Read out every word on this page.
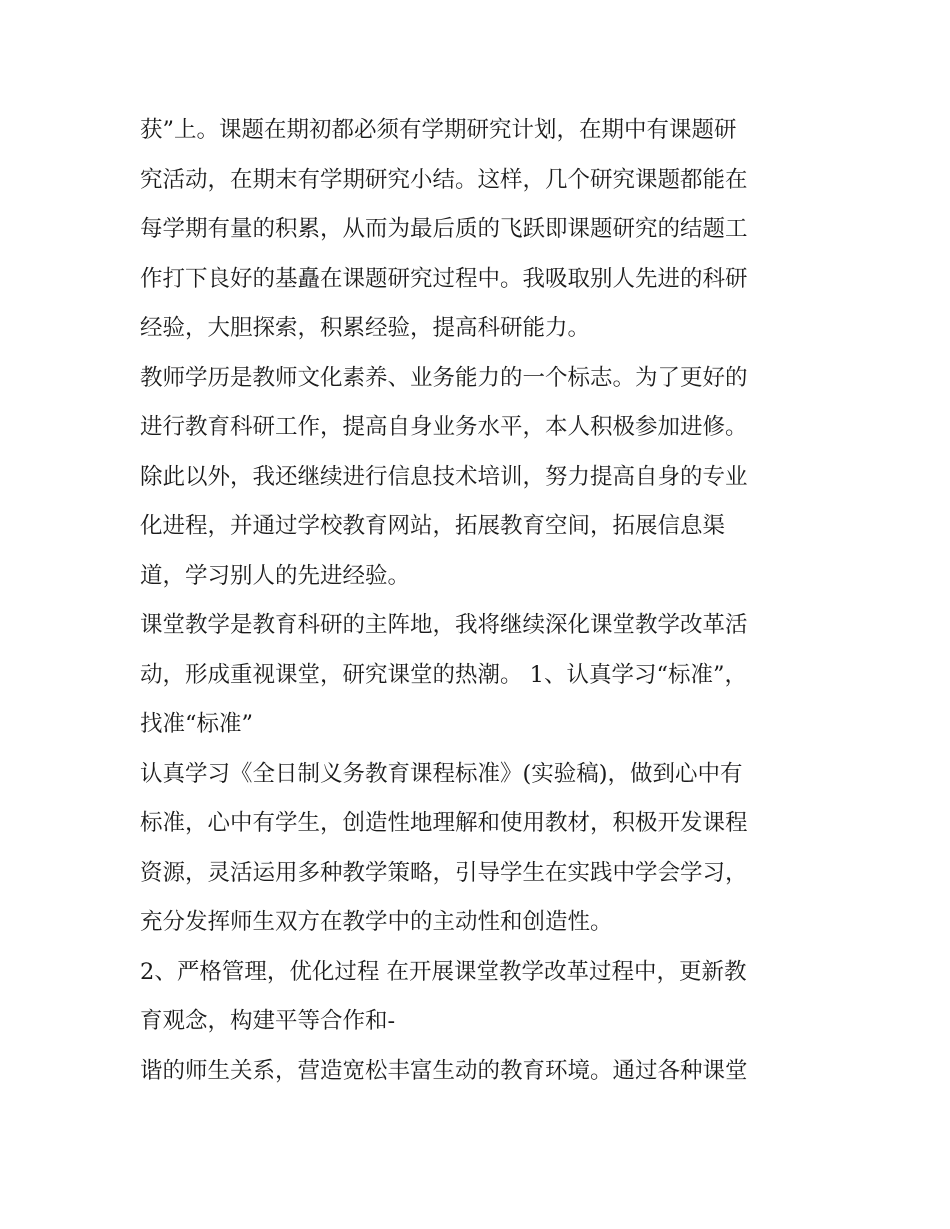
获”上。课题在期初都必须有学期研究计划，在期中有课题研
究活动，在期末有学期研究小结。这样，几个研究课题都能在
每学期有量的积累，从而为最后质的飞跃即课题研究的结题工
作打下良好的基矗在课题研究过程中。我吸取别人先进的科研
经验，大胆探索，积累经验，提高科研能力。
教师学历是教师文化素养、业务能力的一个标志。为了更好的
进行教育科研工作，提高自身业务水平，本人积极参加进修。
除此以外，我还继续进行信息技术培训，努力提高自身的专业
化进程，并通过学校教育网站，拓展教育空间，拓展信息渠
道，学习别人的先进经验。
课堂教学是教育科研的主阵地，我将继续深化课堂教学改革活
动，形成重视课堂，研究课堂的热潮。 1、认真学习“标准”，
找准“标准”
认真学习《全日制义务教育课程标准》(实验稿)，做到心中有
标准，心中有学生，创造性地理解和使用教材，积极开发课程
资源，灵活运用多种教学策略，引导学生在实践中学会学习，
充分发挥师生双方在教学中的主动性和创造性。
2、严格管理，优化过程 在开展课堂教学改革过程中，更新教
育观念，构建平等合作和-
谐的师生关系，营造宽松丰富生动的教育环境。通过各种课堂
